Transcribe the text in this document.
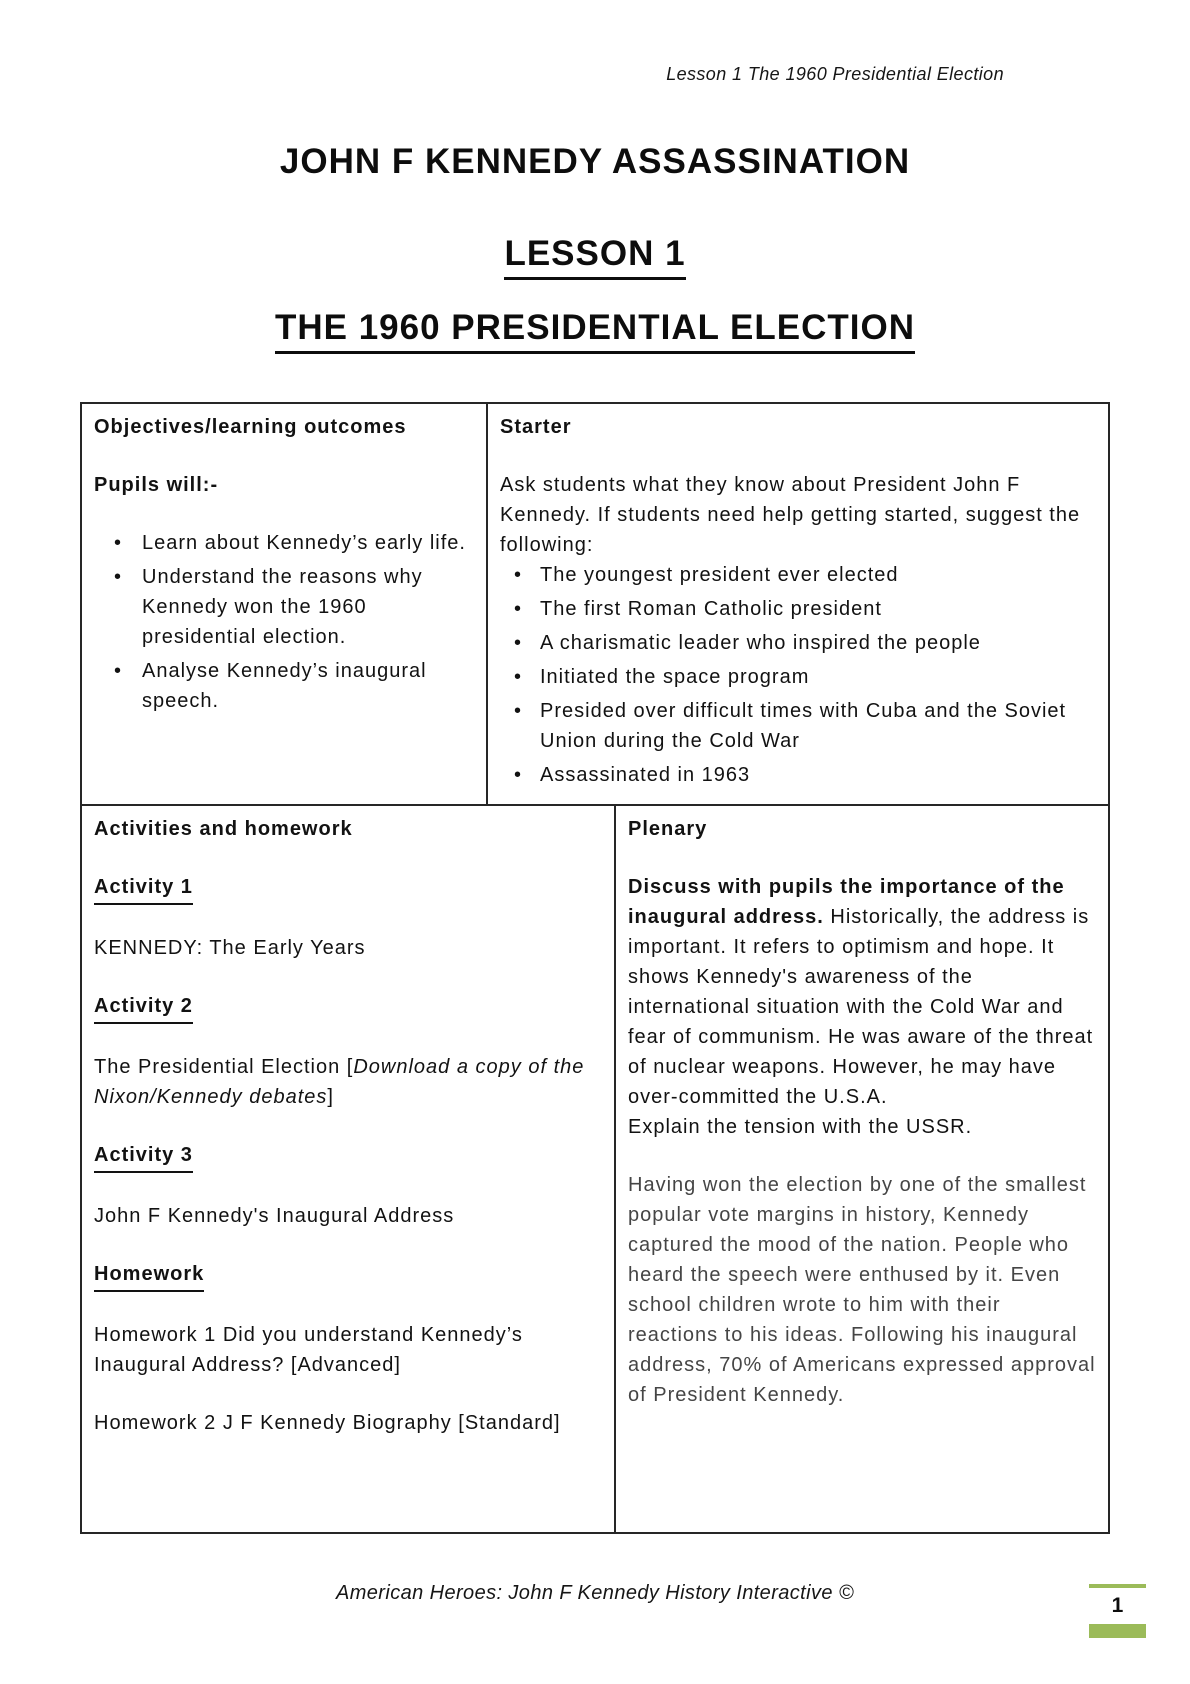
Lesson 1 The 1960 Presidential Election
JOHN F KENNEDY ASSASSINATION
LESSON 1
THE 1960 PRESIDENTIAL ELECTION

Objectives/learning outcomes

Pupils will:-

• Learn about Kennedy’s early life.
• Understand the reasons why Kennedy won the 1960 presidential election.
• Analyse Kennedy’s inaugural speech.

Starter

Ask students what they know about President John F Kennedy. If students need help getting started, suggest the following:

• The youngest president ever elected
• The first Roman Catholic president
• A charismatic leader who inspired the people
• Initiated the space program
• Presided over difficult times with Cuba and the Soviet Union during the Cold War
• Assassinated in 1963

Activities and homework

Activity 1

KENNEDY: The Early Years

Activity 2

The Presidential Election [Download a copy of the Nixon/Kennedy debates]

Activity 3

John F Kennedy's Inaugural Address

Homework

Homework 1 Did you understand Kennedy’s Inaugural Address? [Advanced]

Homework 2 J F Kennedy Biography [Standard]

Plenary

Discuss with pupils the importance of the inaugural address. Historically, the address is important. It refers to optimism and hope. It shows Kennedy's awareness of the international situation with the Cold War and fear of communism. He was aware of the threat of nuclear weapons. However, he may have over-committed the U.S.A.

Explain the tension with the USSR.

Having won the election by one of the smallest popular vote margins in history, Kennedy captured the mood of the nation. People who heard the speech were enthused by it. Even school children wrote to him with their reactions to his ideas. Following his inaugural address, 70% of Americans expressed approval of President Kennedy.

American Heroes: John F Kennedy History Interactive ©
1
